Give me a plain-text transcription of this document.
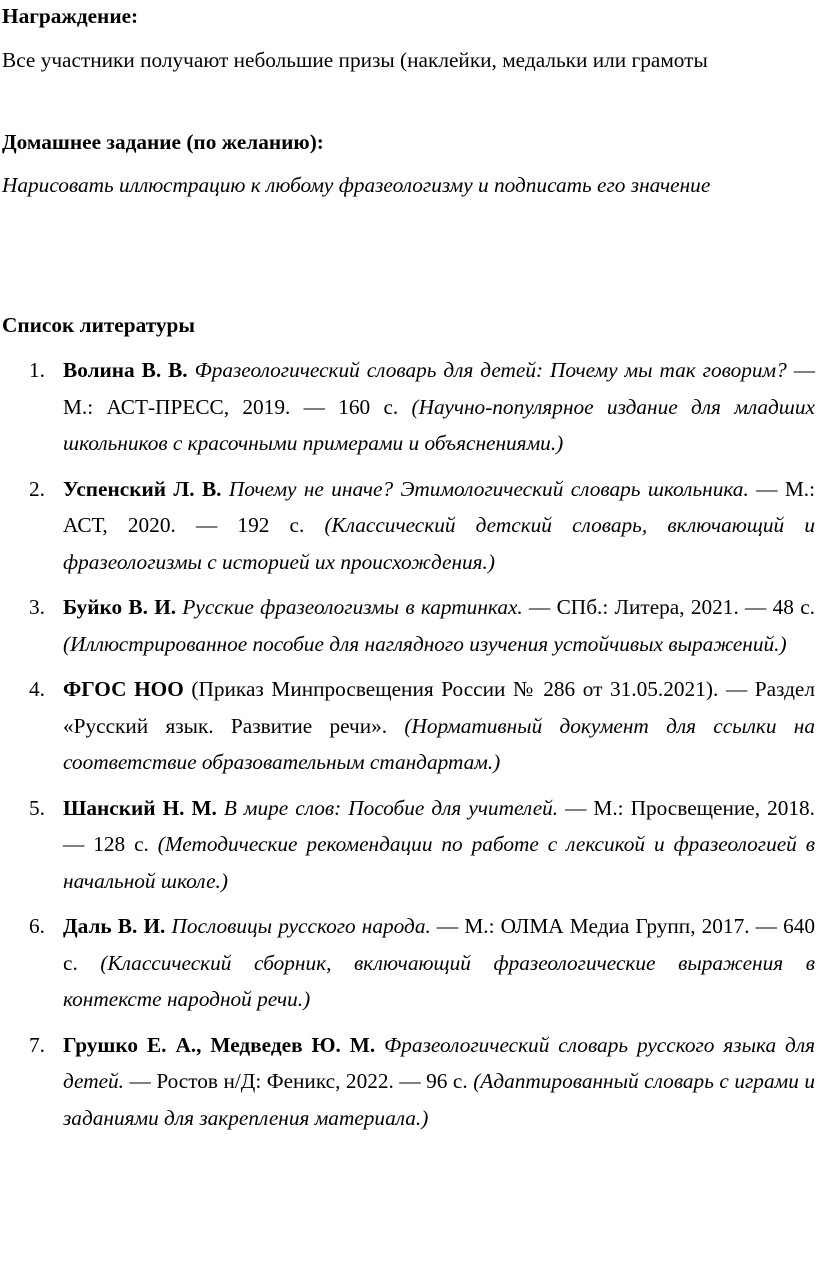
Награждение:
Все участники получают небольшие призы (наклейки, медальки или грамоты
Домашнее задание (по желанию):
Нарисовать иллюстрацию к любому фразеологизму и подписать его значение
Список литературы
1. Волина В. В. Фразеологический словарь для детей: Почему мы так говорим? — М.: АСТ-ПРЕСС, 2019. — 160 с. (Научно-популярное издание для младших школьников с красочными примерами и объяснениями.)

2. Успенский Л. В. Почему не иначе? Этимологический словарь школьника. — М.: АСТ, 2020. — 192 с. (Классический детский словарь, включающий и фразеологизмы с историей их происхождения.)

3. Буйко В. И. Русские фразеологизмы в картинках. — СПб.: Литера, 2021. — 48 с. (Иллюстрированное пособие для наглядного изучения устойчивых выражений.)

4. ФГОС НОО (Приказ Минпросвещения России № 286 от 31.05.2021). — Раздел «Русский язык. Развитие речи». (Нормативный документ для ссылки на соответствие образовательным стандартам.)

5. Шанский Н. М. В мире слов: Пособие для учителей. — М.: Просвещение, 2018. — 128 с. (Методические рекомендации по работе с лексикой и фразеологией в начальной школе.)

6. Даль В. И. Пословицы русского народа. — М.: ОЛМА Медиа Групп, 2017. — 640 с. (Классический сборник, включающий фразеологические выражения в контексте народной речи.)

7. Грушко Е. А., Медведев Ю. М. Фразеологический словарь русского языка для детей. — Ростов н/Д: Феникс, 2022. — 96 с. (Адаптированный словарь с играми и заданиями для закрепления материала.)
